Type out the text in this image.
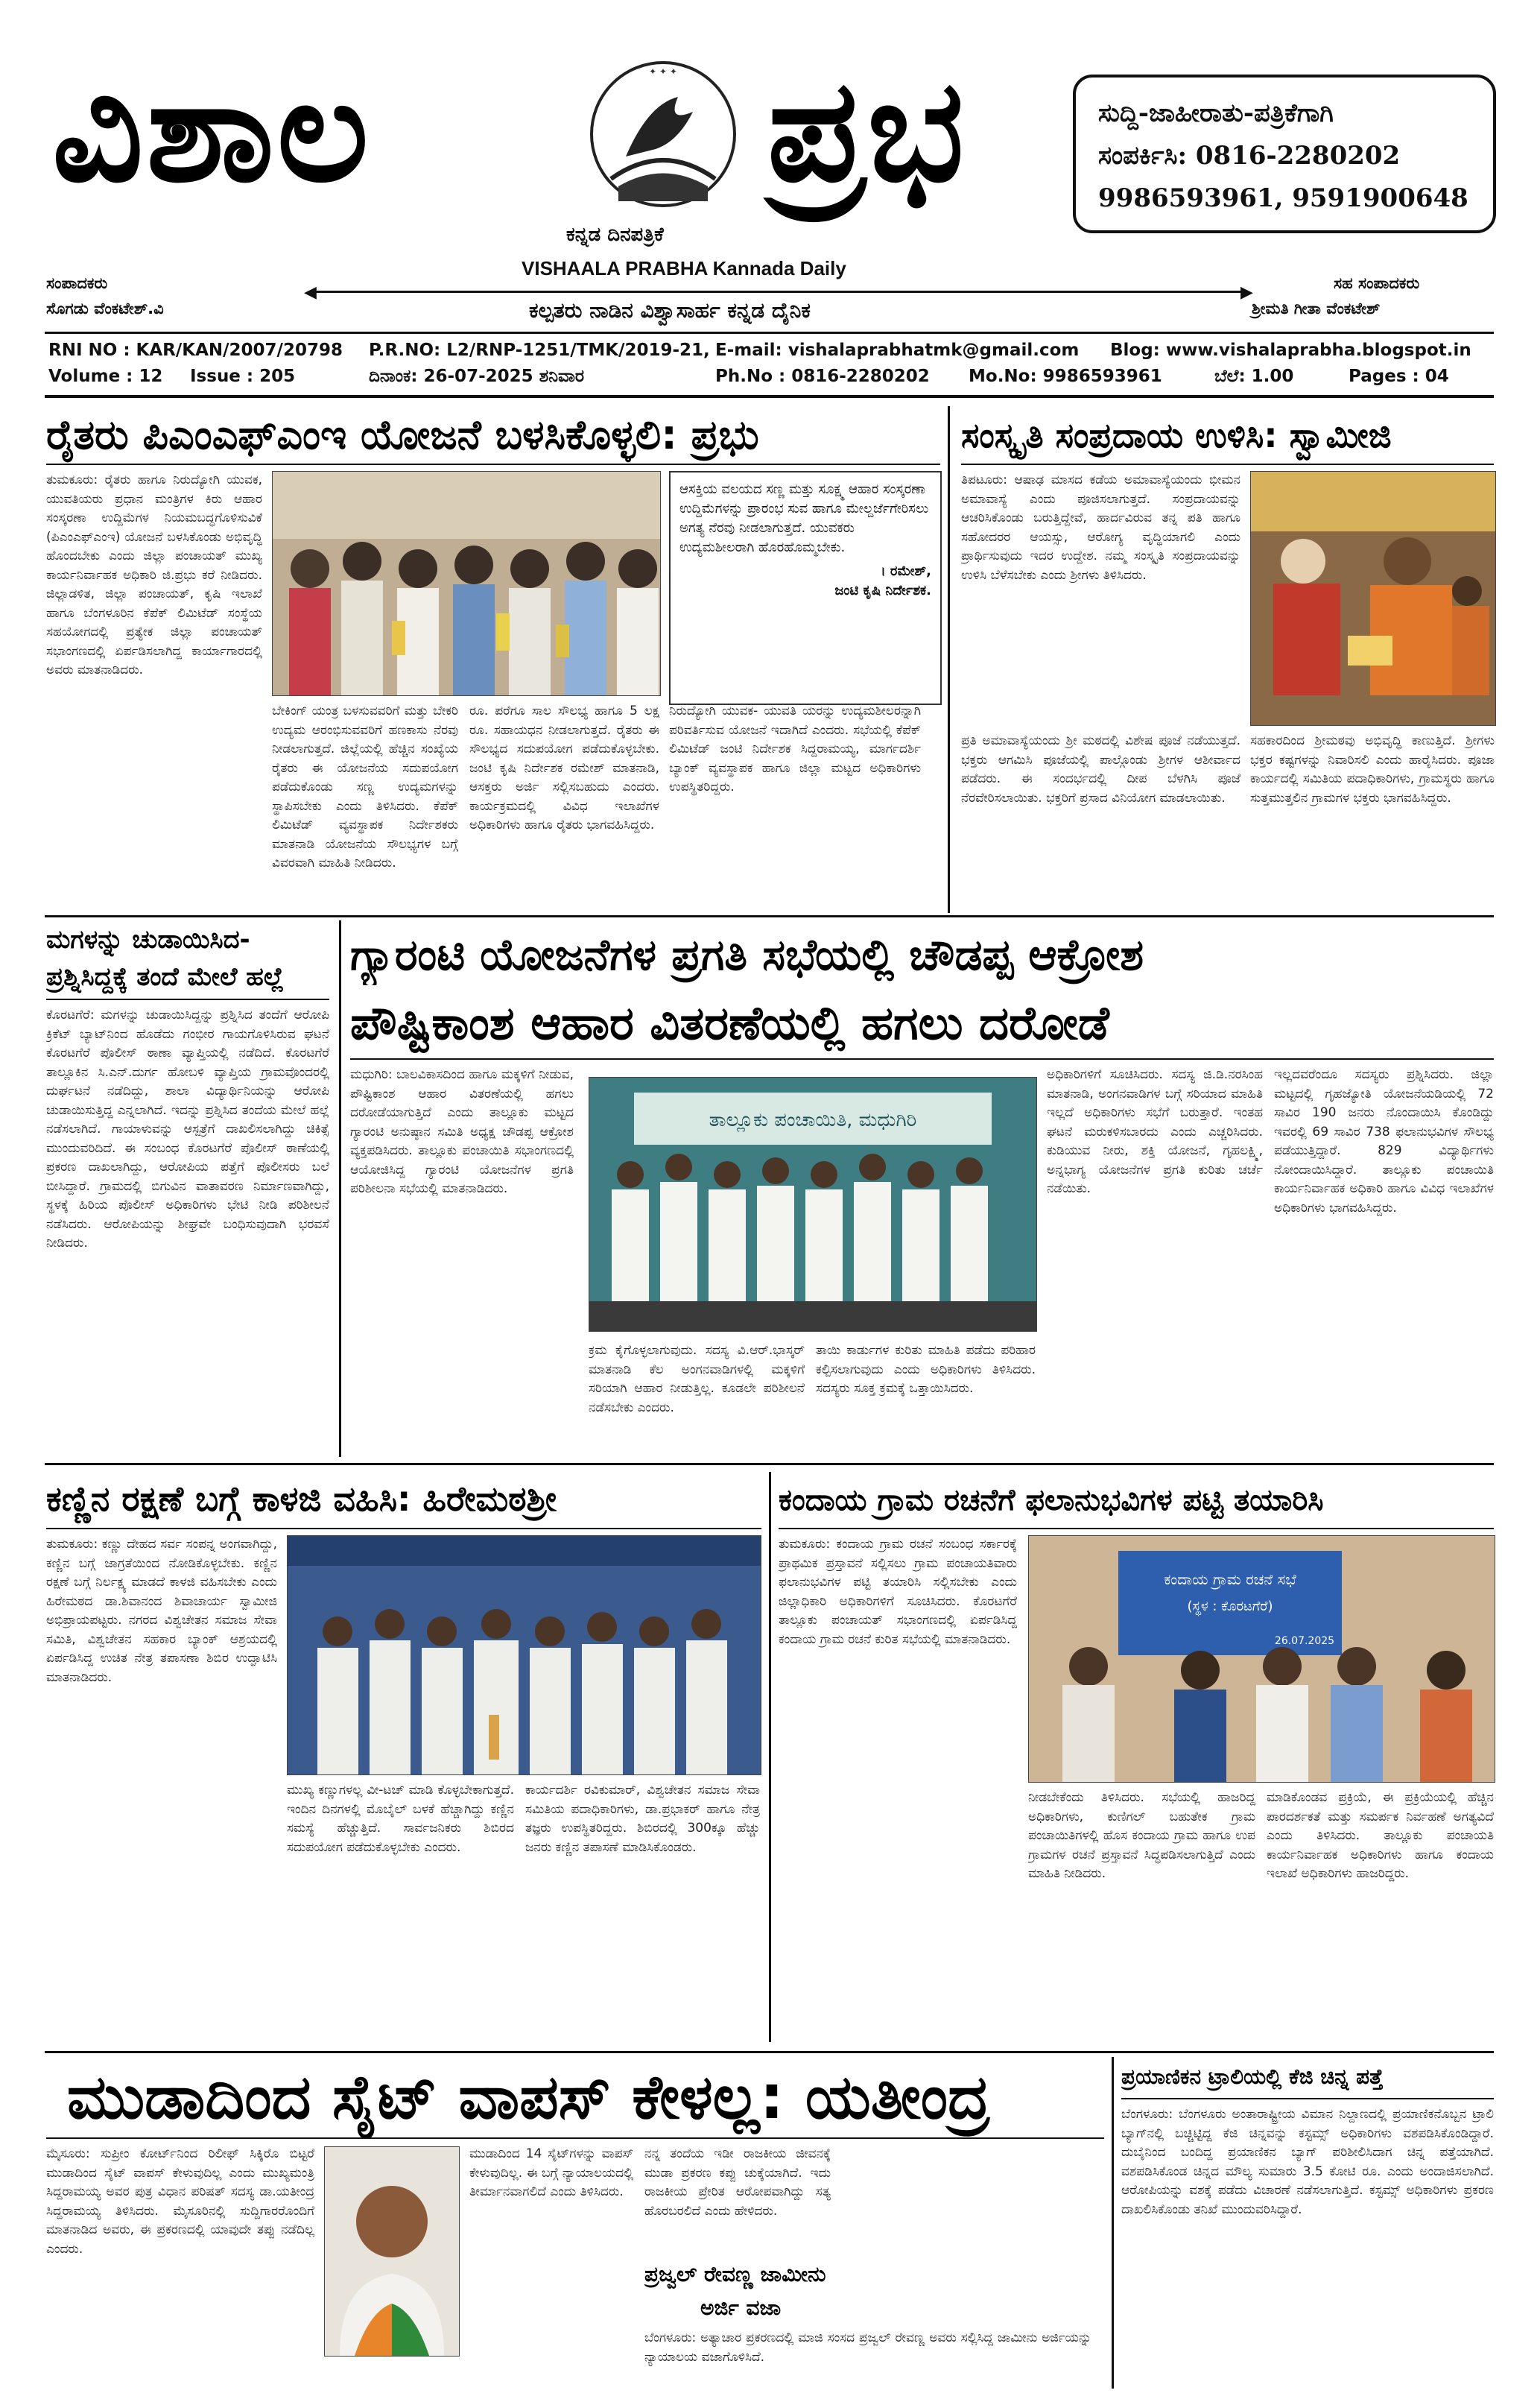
ವಿಶಾಲ	✦ ✦ ✦ ಪ್ರಭ
ಕನ್ನಡ ದಿನಪತ್ರಿಕೆ
VISHAALA PRABHA Kannada Daily
ಸುದ್ದಿ-ಜಾಹೀರಾತು-ಪತ್ರಿಕೆಗಾಗಿ
ಸಂಪರ್ಕಿಸಿ: 0816-2280202
9986593961, 9591900648
ಸಂಪಾದಕರು
ಸೊಗಡು ವೆಂಕಟೇಶ್.ವಿ
ಸಹ ಸಂಪಾದಕರು
ಶ್ರೀಮತಿ ಗೀತಾ ವೆಂಕಟೇಶ್
◀	▶
ಕಲ್ಪತರು ನಾಡಿನ ವಿಶ್ವಾಸಾರ್ಹ ಕನ್ನಡ ದೈನಿಕ
RNI NO : KAR/KAN/2007/20798 P.R.NO: L2/RNP-1251/TMK/2019-21, E-mail: vishalaprabhatmk@gmail.com Blog: www.vishalaprabha.blogspot.in
Volume : 12 Issue : 205	ದಿನಾಂಕ: 26-07-2025 ಶನಿವಾರ	Ph.No : 0816-2280202 Mo.No: 9986593961	ಬೆಲೆ: 1.00	Pages : 04
ರೈತರು ಪಿಎಂಎಫ್‌ಎಂಇ ಯೋಜನೆ ಬಳಸಿಕೊಳ್ಳಲಿ: ಪ್ರಭು
ತುಮಕೂರು: ರೈತರು ಹಾಗೂ ನಿರುದ್ಯೋಗಿ ಯುವಕ, ಯುವತಿಯರು ಪ್ರಧಾನ ಮಂತ್ರಿಗಳ ಕಿರು ಆಹಾರ ಸಂಸ್ಕರಣಾ ಉದ್ದಿಮೆಗಳ ನಿಯಮಬದ್ಧಗೊಳಿಸುವಿಕೆ (ಪಿಎಂಎಫ್‌ಎಂಇ) ಯೋಜನೆ ಬಳಸಿಕೊಂಡು ಅಭಿವೃದ್ಧಿ ಹೊಂದಬೇಕು ಎಂದು ಜಿಲ್ಲಾ ಪಂಚಾಯತ್ ಮುಖ್ಯ ಕಾರ್ಯನಿರ್ವಾಹಕ ಅಧಿಕಾರಿ ಜಿ.ಪ್ರಭು ಕರೆ ನೀಡಿದರು. ಜಿಲ್ಲಾಡಳಿತ, ಜಿಲ್ಲಾ ಪಂಚಾಯತ್, ಕೃಷಿ ಇಲಾಖೆ ಹಾಗೂ ಬೆಂಗಳೂರಿನ ಕೆಪೆಕ್ ಲಿಮಿಟೆಡ್ ಸಂಸ್ಥೆಯ ಸಹಯೋಗದಲ್ಲಿ ಪ್ರತ್ಯೇಕ ಜಿಲ್ಲಾ ಪಂಚಾಯತ್ ಸಭಾಂಗಣದಲ್ಲಿ ಏರ್ಪಡಿಸಲಾಗಿದ್ದ ಕಾರ್ಯಾಗಾರದಲ್ಲಿ ಅವರು ಮಾತನಾಡಿದರು.
ಆಸಕ್ತಿಯ ವಲಯದ ಸಣ್ಣ ಮತ್ತು ಸೂಕ್ಷ್ಮ ಆಹಾರ ಸಂಸ್ಕರಣಾ ಉದ್ದಿಮೆಗಳನ್ನು ಪ್ರಾರಂಭ ಸುವ ಹಾಗೂ ಮೇಲ್ದರ್ಜೆಗೇರಿಸಲು ಅಗತ್ಯ ನೆರವು ನೀಡಲಾಗುತ್ತದೆ. ಯುವಕರು ಉದ್ಯಮಶೀಲರಾಗಿ ಹೊರಹೊಮ್ಮಬೇಕು.
। ರಮೇಶ್,
ಜಂಟಿ ಕೃಷಿ ನಿರ್ದೇಶಕ.
ಬೇಕಿಂಗ್ ಯಂತ್ರ ಬಳಸುವವರಿಗೆ ಮತ್ತು ಬೇಕರಿ ಉದ್ಯಮ ಆರಂಭಿಸುವವರಿಗೆ ಹಣಕಾಸು ನೆರವು ನೀಡಲಾಗುತ್ತದೆ. ಜಿಲ್ಲೆಯಲ್ಲಿ ಹೆಚ್ಚಿನ ಸಂಖ್ಯೆಯ ರೈತರು ಈ ಯೋಜನೆಯ ಸದುಪಯೋಗ ಪಡೆದುಕೊಂಡು ಸಣ್ಣ ಉದ್ಯಮಗಳನ್ನು ಸ್ಥಾಪಿಸಬೇಕು ಎಂದು ತಿಳಿಸಿದರು. ಕೆಪೆಕ್ ಲಿಮಿಟೆಡ್ ವ್ಯವಸ್ಥಾಪಕ ನಿರ್ದೇಶಕರು ಮಾತನಾಡಿ ಯೋಜನೆಯ ಸೌಲಭ್ಯಗಳ ಬಗ್ಗೆ ವಿವರವಾಗಿ ಮಾಹಿತಿ ನೀಡಿದರು.
ರೂ. ಪರೆಗೂ ಸಾಲ ಸೌಲಭ್ಯ ಹಾಗೂ 5 ಲಕ್ಷ ರೂ. ಸಹಾಯಧನ ನೀಡಲಾಗುತ್ತದೆ. ರೈತರು ಈ ಸೌಲಭ್ಯದ ಸದುಪಯೋಗ ಪಡೆದುಕೊಳ್ಳಬೇಕು. ಜಂಟಿ ಕೃಷಿ ನಿರ್ದೇಶಕ ರಮೇಶ್ ಮಾತನಾಡಿ, ಆಸಕ್ತರು ಅರ್ಜಿ ಸಲ್ಲಿಸಬಹುದು ಎಂದರು. ಕಾರ್ಯಕ್ರಮದಲ್ಲಿ ವಿವಿಧ ಇಲಾಖೆಗಳ ಅಧಿಕಾರಿಗಳು ಹಾಗೂ ರೈತರು ಭಾಗವಹಿಸಿದ್ದರು.
ನಿರುದ್ಯೋಗಿ ಯುವಕ- ಯುವತಿ ಯರನ್ನು ಉದ್ಯಮಶೀಲರನ್ನಾಗಿ ಪರಿವರ್ತಿಸುವ ಯೋಜನೆ ಇದಾಗಿದೆ ಎಂದರು. ಸಭೆಯಲ್ಲಿ ಕೆಪೆಕ್ ಲಿಮಿಟೆಡ್ ಜಂಟಿ ನಿರ್ದೇಶಕ ಸಿದ್ದರಾಮಯ್ಯ, ಮಾರ್ಗದರ್ಶಿ ಬ್ಯಾಂಕ್ ವ್ಯವಸ್ಥಾಪಕ ಹಾಗೂ ಜಿಲ್ಲಾ ಮಟ್ಟದ ಅಧಿಕಾರಿಗಳು ಉಪಸ್ಥಿತರಿದ್ದರು.
ಸಂಸ್ಕೃತಿ ಸಂಪ್ರದಾಯ ಉಳಿಸಿ: ಸ್ವಾಮೀಜಿ
ತಿಪಟೂರು: ಆಷಾಢ ಮಾಸದ ಕಡೆಯ ಅಮಾವಾಸ್ಯೆಯಂದು ಭೀಮನ ಅಮಾವಾಸ್ಯೆ ಎಂದು ಪೂಜಿಸಲಾಗುತ್ತದೆ. ಸಂಪ್ರದಾಯವನ್ನು ಆಚರಿಸಿಕೊಂಡು ಬರುತ್ತಿದ್ದೇವೆ, ಹಾರ್ದವಿರುವ ತನ್ನ ಪತಿ ಹಾಗೂ ಸಹೋದರರ ಆಯಸ್ಸು, ಆರೋಗ್ಯ ವೃದ್ಧಿಯಾಗಲಿ ಎಂದು ಪ್ರಾರ್ಥಿಸುವುದು ಇದರ ಉದ್ದೇಶ. ನಮ್ಮ ಸಂಸ್ಕೃತಿ ಸಂಪ್ರದಾಯವನ್ನು ಉಳಿಸಿ ಬೆಳೆಸಬೇಕು ಎಂದು ಶ್ರೀಗಳು ತಿಳಿಸಿದರು.
ಪ್ರತಿ ಅಮಾವಾಸ್ಯೆಯಂದು ಶ್ರೀ ಮಠದಲ್ಲಿ ವಿಶೇಷ ಪೂಜೆ ನಡೆಯುತ್ತದೆ. ಭಕ್ತರು ಆಗಮಿಸಿ ಪೂಜೆಯಲ್ಲಿ ಪಾಲ್ಗೊಂಡು ಶ್ರೀಗಳ ಆಶೀರ್ವಾದ ಪಡೆದರು. ಈ ಸಂದರ್ಭದಲ್ಲಿ ದೀಪ ಬೆಳಗಿಸಿ ಪೂಜೆ ನೆರವೇರಿಸಲಾಯಿತು. ಭಕ್ತರಿಗೆ ಪ್ರಸಾದ ವಿನಿಯೋಗ ಮಾಡಲಾಯಿತು.
ಸಹಕಾರದಿಂದ ಶ್ರೀಮಠವು ಅಭಿವೃದ್ಧಿ ಕಾಣುತ್ತಿದೆ. ಶ್ರೀಗಳು ಭಕ್ತರ ಕಷ್ಟಗಳನ್ನು ನಿವಾರಿಸಲಿ ಎಂದು ಹಾರೈಸಿದರು. ಪೂಜಾ ಕಾರ್ಯದಲ್ಲಿ ಸಮಿತಿಯ ಪದಾಧಿಕಾರಿಗಳು, ಗ್ರಾಮಸ್ಥರು ಹಾಗೂ ಸುತ್ತಮುತ್ತಲಿನ ಗ್ರಾಮಗಳ ಭಕ್ತರು ಭಾಗವಹಿಸಿದ್ದರು.
ಮಗಳನ್ನು ಚುಡಾಯಿಸಿದ-
ಪ್ರಶ್ನಿಸಿದ್ದಕ್ಕೆ ತಂದೆ ಮೇಲೆ ಹಲ್ಲೆ
ಕೊರಟಗೆರೆ: ಮಗಳನ್ನು ಚುಡಾಯಿಸಿದ್ದನ್ನು ಪ್ರಶ್ನಿಸಿದ ತಂದೆಗೆ ಆರೋಪಿ ಕ್ರಿಕೆಟ್ ಬ್ಯಾಟ್‌ನಿಂದ ಹೊಡೆದು ಗಂಭೀರ ಗಾಯಗೊಳಿಸಿರುವ ಘಟನೆ ಕೊರಟಗೆರೆ ಪೊಲೀಸ್ ಠಾಣಾ ವ್ಯಾಪ್ತಿಯಲ್ಲಿ ನಡೆದಿದೆ. ಕೊರಟಗೆರೆ ತಾಲ್ಲೂಕಿನ ಸಿ.ಎನ್.ದುರ್ಗ ಹೋಬಳಿ ವ್ಯಾಪ್ತಿಯ ಗ್ರಾಮವೊಂದರಲ್ಲಿ ದುರ್ಘಟನೆ ನಡೆದಿದ್ದು, ಶಾಲಾ ವಿದ್ಯಾರ್ಥಿನಿಯನ್ನು ಆರೋಪಿ ಚುಡಾಯಿಸುತ್ತಿದ್ದ ಎನ್ನಲಾಗಿದೆ. ಇದನ್ನು ಪ್ರಶ್ನಿಸಿದ ತಂದೆಯ ಮೇಲೆ ಹಲ್ಲೆ ನಡೆಸಲಾಗಿದೆ. ಗಾಯಾಳುವನ್ನು ಆಸ್ಪತ್ರೆಗೆ ದಾಖಲಿಸಲಾಗಿದ್ದು ಚಿಕಿತ್ಸೆ ಮುಂದುವರಿದಿದೆ. ಈ ಸಂಬಂಧ ಕೊರಟಗೆರೆ ಪೊಲೀಸ್ ಠಾಣೆಯಲ್ಲಿ ಪ್ರಕರಣ ದಾಖಲಾಗಿದ್ದು, ಆರೋಪಿಯ ಪತ್ತೆಗೆ ಪೊಲೀಸರು ಬಲೆ ಬೀಸಿದ್ದಾರೆ. ಗ್ರಾಮದಲ್ಲಿ ಬಿಗುವಿನ ವಾತಾವರಣ ನಿರ್ಮಾಣವಾಗಿದ್ದು, ಸ್ಥಳಕ್ಕೆ ಹಿರಿಯ ಪೊಲೀಸ್ ಅಧಿಕಾರಿಗಳು ಭೇಟಿ ನೀಡಿ ಪರಿಶೀಲನೆ ನಡೆಸಿದರು. ಆರೋಪಿಯನ್ನು ಶೀಘ್ರವೇ ಬಂಧಿಸುವುದಾಗಿ ಭರವಸೆ ನೀಡಿದರು.
ಗ್ಯಾರಂಟಿ ಯೋಜನೆಗಳ ಪ್ರಗತಿ ಸಭೆಯಲ್ಲಿ ಚೌಡಪ್ಪ ಆಕ್ರೋಶ
ಪೌಷ್ಟಿಕಾಂಶ ಆಹಾರ ವಿತರಣೆಯಲ್ಲಿ ಹಗಲು ದರೋಡೆ
ಮಧುಗಿರಿ: ಬಾಲವಿಕಾಸದಿಂದ ಹಾಗೂ ಮಕ್ಕಳಿಗೆ ನೀಡುವ, ಪೌಷ್ಟಿಕಾಂಶ ಆಹಾರ ವಿತರಣೆಯಲ್ಲಿ ಹಗಲು ದರೋಡೆಯಾಗುತ್ತಿದೆ ಎಂದು ತಾಲ್ಲೂಕು ಮಟ್ಟದ ಗ್ಯಾರಂಟಿ ಅನುಷ್ಠಾನ ಸಮಿತಿ ಅಧ್ಯಕ್ಷ ಚೌಡಪ್ಪ ಆಕ್ರೋಶ ವ್ಯಕ್ತಪಡಿಸಿದರು. ತಾಲ್ಲೂಕು ಪಂಚಾಯಿತಿ ಸಭಾಂಗಣದಲ್ಲಿ ಆಯೋಜಿಸಿದ್ದ ಗ್ಯಾರಂಟಿ ಯೋಜನೆಗಳ ಪ್ರಗತಿ ಪರಿಶೀಲನಾ ಸಭೆಯಲ್ಲಿ ಮಾತನಾಡಿದರು.
ತಾಲ್ಲೂಕು ಪಂಚಾಯಿತಿ, ಮಧುಗಿರಿ
ಅಧಿಕಾರಿಗಳಿಗೆ ಸೂಚಿಸಿದರು. ಸದಸ್ಯ ಜಿ.ಡಿ.ನರಸಿಂಹ ಮಾತನಾಡಿ, ಅಂಗನವಾಡಿಗಳ ಬಗ್ಗೆ ಸರಿಯಾದ ಮಾಹಿತಿ ಇಲ್ಲದೆ ಅಧಿಕಾರಿಗಳು ಸಭೆಗೆ ಬರುತ್ತಾರೆ. ಇಂತಹ ಘಟನೆ ಮರುಕಳಿಸಬಾರದು ಎಂದು ಎಚ್ಚರಿಸಿದರು. ಕುಡಿಯುವ ನೀರು, ಶಕ್ತಿ ಯೋಜನೆ, ಗೃಹಲಕ್ಷ್ಮಿ, ಅನ್ನಭಾಗ್ಯ ಯೋಜನೆಗಳ ಪ್ರಗತಿ ಕುರಿತು ಚರ್ಚೆ ನಡೆಯಿತು.
ಇಲ್ಲದವರೆಂದೂ ಸದಸ್ಯರು ಪ್ರಶ್ನಿಸಿದರು. ಜಿಲ್ಲಾ ಮಟ್ಟದಲ್ಲಿ ಗೃಹಜ್ಯೋತಿ ಯೋಜನೆಯಡಿಯಲ್ಲಿ 72 ಸಾವಿರ 190 ಜನರು ನೊಂದಾಯಿಸಿ ಕೊಂಡಿದ್ದು ಇವರಲ್ಲಿ 69 ಸಾವಿರ 738 ಫಲಾನುಭವಿಗಳ ಸೌಲಭ್ಯ ಪಡೆಯುತ್ತಿದ್ದಾರೆ. 829 ವಿದ್ಯಾರ್ಥಿಗಳು ನೋಂದಾಯಿಸಿದ್ದಾರೆ. ತಾಲ್ಲೂಕು ಪಂಚಾಯಿತಿ ಕಾರ್ಯನಿರ್ವಾಹಕ ಅಧಿಕಾರಿ ಹಾಗೂ ವಿವಿಧ ಇಲಾಖೆಗಳ ಅಧಿಕಾರಿಗಳು ಭಾಗವಹಿಸಿದ್ದರು.
ಕ್ರಮ ಕೈಗೊಳ್ಳಲಾಗುವುದು. ಸದಸ್ಯ ವಿ.ಆರ್.ಭಾಸ್ಕರ್ ಮಾತನಾಡಿ ಕೆಲ ಅಂಗನವಾಡಿಗಳಲ್ಲಿ ಮಕ್ಕಳಿಗೆ ಸರಿಯಾಗಿ ಆಹಾರ ನೀಡುತ್ತಿಲ್ಲ. ಕೂಡಲೇ ಪರಿಶೀಲನೆ ನಡೆಸಬೇಕು ಎಂದರು.
ತಾಯಿ ಕಾರ್ಡುಗಳ ಕುರಿತು ಮಾಹಿತಿ ಪಡೆದು ಪರಿಹಾರ ಕಲ್ಪಿಸಲಾಗುವುದು ಎಂದು ಅಧಿಕಾರಿಗಳು ತಿಳಿಸಿದರು. ಸದಸ್ಯರು ಸೂಕ್ತ ಕ್ರಮಕ್ಕೆ ಒತ್ತಾಯಿಸಿದರು.
ಕಣ್ಣಿನ ರಕ್ಷಣೆ ಬಗ್ಗೆ ಕಾಳಜಿ ವಹಿಸಿ: ಹಿರೇಮಠಶ್ರೀ
ತುಮಕೂರು: ಕಣ್ಣು ದೇಹದ ಸರ್ವ ಸಂಪನ್ನ ಅಂಗವಾಗಿದ್ದು, ಕಣ್ಣಿನ ಬಗ್ಗೆ ಜಾಗ್ರತೆಯಿಂದ ನೋಡಿಕೊಳ್ಳಬೇಕು. ಕಣ್ಣಿನ ರಕ್ಷಣೆ ಬಗ್ಗೆ ನಿರ್ಲಕ್ಷ್ಯ ಮಾಡದೆ ಕಾಳಜಿ ವಹಿಸಬೇಕು ಎಂದು ಹಿರೇಮಠದ ಡಾ.ಶಿವಾನಂದ ಶಿವಾಚಾರ್ಯ ಸ್ವಾಮೀಜಿ ಅಭಿಪ್ರಾಯಪಟ್ಟರು. ನಗರದ ವಿಶ್ವಚೇತನ ಸಮಾಜ ಸೇವಾ ಸಮಿತಿ, ವಿಶ್ವಚೇತನ ಸಹಕಾರ ಬ್ಯಾಂಕ್ ಆಶ್ರಯದಲ್ಲಿ ಏರ್ಪಡಿಸಿದ್ದ ಉಚಿತ ನೇತ್ರ ತಪಾಸಣಾ ಶಿಬಿರ ಉದ್ಘಾಟಿಸಿ ಮಾತನಾಡಿದರು.
ಮುಖ್ಯ ಕಣ್ಣುಗಳಲ್ಲ ವೀ-ಟಚ್ ಮಾಡಿ ಕೊಳ್ಳಬೇಕಾಗುತ್ತದೆ. ಇಂದಿನ ದಿನಗಳಲ್ಲಿ ಮೊಬೈಲ್ ಬಳಕೆ ಹೆಚ್ಚಾಗಿದ್ದು ಕಣ್ಣಿನ ಸಮಸ್ಯೆ ಹೆಚ್ಚುತ್ತಿದೆ. ಸಾರ್ವಜನಿಕರು ಶಿಬಿರದ ಸದುಪಯೋಗ ಪಡೆದುಕೊಳ್ಳಬೇಕು ಎಂದರು.
ಕಾರ್ಯದರ್ಶಿ ರವಿಕುಮಾರ್, ವಿಶ್ವಚೇತನ ಸಮಾಜ ಸೇವಾ ಸಮಿತಿಯ ಪದಾಧಿಕಾರಿಗಳು, ಡಾ.ಪ್ರಭಾಕರ್ ಹಾಗೂ ನೇತ್ರ ತಜ್ಞರು ಉಪಸ್ಥಿತರಿದ್ದರು. ಶಿಬಿರದಲ್ಲಿ 300ಕ್ಕೂ ಹೆಚ್ಚು ಜನರು ಕಣ್ಣಿನ ತಪಾಸಣೆ ಮಾಡಿಸಿಕೊಂಡರು.
ಕಂದಾಯ ಗ್ರಾಮ ರಚನೆಗೆ ಫಲಾನುಭವಿಗಳ ಪಟ್ಟಿ ತಯಾರಿಸಿ
ತುಮಕೂರು: ಕಂದಾಯ ಗ್ರಾಮ ರಚನೆ ಸಂಬಂಧ ಸರ್ಕಾರಕ್ಕೆ ಪ್ರಾಥಮಿಕ ಪ್ರಸ್ತಾವನೆ ಸಲ್ಲಿಸಲು ಗ್ರಾಮ ಪಂಚಾಯತಿವಾರು ಫಲಾನುಭವಿಗಳ ಪಟ್ಟಿ ತಯಾರಿಸಿ ಸಲ್ಲಿಸಬೇಕು ಎಂದು ಜಿಲ್ಲಾಧಿಕಾರಿ ಅಧಿಕಾರಿಗಳಿಗೆ ಸೂಚಿಸಿದರು. ಕೊರಟಗೆರೆ ತಾಲ್ಲೂಕು ಪಂಚಾಯತ್ ಸಭಾಂಗಣದಲ್ಲಿ ಏರ್ಪಡಿಸಿದ್ದ ಕಂದಾಯ ಗ್ರಾಮ ರಚನೆ ಕುರಿತ ಸಭೆಯಲ್ಲಿ ಮಾತನಾಡಿದರು.
ಕಂದಾಯ ಗ್ರಾಮ ರಚನೆ ಸಭೆ
(ಸ್ಥಳ : ಕೊರಟಗೆರೆ)
26.07.2025
ನೀಡಬೇಕೆಂದು ತಿಳಿಸಿದರು. ಸಭೆಯಲ್ಲಿ ಹಾಜರಿದ್ದ ಅಧಿಕಾರಿಗಳು, ಕುಣಿಗಲ್ ಬಹುತೇಕ ಗ್ರಾಮ ಪಂಚಾಯಿತಿಗಳಲ್ಲಿ ಹೊಸ ಕಂದಾಯ ಗ್ರಾಮ ಹಾಗೂ ಉಪ ಗ್ರಾಮಗಳ ರಚನೆ ಪ್ರಸ್ತಾವನೆ ಸಿದ್ಧಪಡಿಸಲಾಗುತ್ತಿದೆ ಎಂದು ಮಾಹಿತಿ ನೀಡಿದರು.
ಮಾಡಿಕೊಂಡವ ಪ್ರಕ್ರಿಯೆ, ಈ ಪ್ರಕ್ರಿಯೆಯಲ್ಲಿ ಹೆಚ್ಚಿನ ಪಾರದರ್ಶಕತೆ ಮತ್ತು ಸಮರ್ಪಕ ನಿರ್ವಹಣೆ ಅಗತ್ಯವಿದೆ ಎಂದು ತಿಳಿಸಿದರು. ತಾಲ್ಲೂಕು ಪಂಚಾಯತಿ ಕಾರ್ಯನಿರ್ವಾಹಕ ಅಧಿಕಾರಿಗಳು ಹಾಗೂ ಕಂದಾಯ ಇಲಾಖೆ ಅಧಿಕಾರಿಗಳು ಹಾಜರಿದ್ದರು.
ಮುಡಾದಿಂದ ಸೈಟ್ ವಾಪಸ್ ಕೇಳಲ್ಲ: ಯತೀಂದ್ರ
ಮೈಸೂರು: ಸುಪ್ರೀಂ ಕೋರ್ಟ್‌ನಿಂದ ರಿಲೀಫ್ ಸಿಕ್ಕಿರೊ ಬಿಟ್ಟರೆ ಮುಡಾದಿಂದ ಸೈಟ್ ವಾಪಸ್ ಕೇಳುವುದಿಲ್ಲ ಎಂದು ಮುಖ್ಯಮಂತ್ರಿ ಸಿದ್ದರಾಮಯ್ಯ ಅವರ ಪುತ್ರ ವಿಧಾನ ಪರಿಷತ್ ಸದಸ್ಯ ಡಾ.ಯತೀಂದ್ರ ಸಿದ್ದರಾಮಯ್ಯ ತಿಳಿಸಿದರು. ಮೈಸೂರಿನಲ್ಲಿ ಸುದ್ದಿಗಾರರೊಂದಿಗೆ ಮಾತನಾಡಿದ ಅವರು, ಈ ಪ್ರಕರಣದಲ್ಲಿ ಯಾವುದೇ ತಪ್ಪು ನಡೆದಿಲ್ಲ ಎಂದರು.
ಮುಡಾದಿಂದ 14 ಸೈಟ್‌ಗಳನ್ನು ವಾಪಸ್ ಕೇಳುವುದಿಲ್ಲ. ಈ ಬಗ್ಗೆ ನ್ಯಾಯಾಲಯದಲ್ಲಿ ತೀರ್ಮಾನವಾಗಲಿದೆ ಎಂದು ತಿಳಿಸಿದರು.
ನನ್ನ ತಂದೆಯ ಇಡೀ ರಾಜಕೀಯ ಜೀವನಕ್ಕೆ ಮುಡಾ ಪ್ರಕರಣ ಕಪ್ಪು ಚುಕ್ಕೆಯಾಗಿದೆ. ಇದು ರಾಜಕೀಯ ಪ್ರೇರಿತ ಆರೋಪವಾಗಿದ್ದು ಸತ್ಯ ಹೊರಬರಲಿದೆ ಎಂದು ಹೇಳಿದರು.
ಪ್ರಜ್ವಲ್ ರೇವಣ್ಣ ಜಾಮೀನು
ಅರ್ಜಿ ವಜಾ
ಬೆಂಗಳೂರು: ಅತ್ಯಾಚಾರ ಪ್ರಕರಣದಲ್ಲಿ ಮಾಜಿ ಸಂಸದ ಪ್ರಜ್ವಲ್ ರೇವಣ್ಣ ಅವರು ಸಲ್ಲಿಸಿದ್ದ ಜಾಮೀನು ಅರ್ಜಿಯನ್ನು ನ್ಯಾಯಾಲಯ ವಜಾಗೊಳಿಸಿದೆ.
ಪ್ರಯಾಣಿಕನ ಟ್ರಾಲಿಯಲ್ಲಿ ಕೆಜಿ ಚಿನ್ನ ಪತ್ತೆ
ಬೆಂಗಳೂರು: ಬೆಂಗಳೂರು ಅಂತಾರಾಷ್ಟ್ರೀಯ ವಿಮಾನ ನಿಲ್ದಾಣದಲ್ಲಿ ಪ್ರಯಾಣಿಕನೊಬ್ಬನ ಟ್ರಾಲಿ ಬ್ಯಾಗ್‌ನಲ್ಲಿ ಬಚ್ಚಿಟ್ಟಿದ್ದ ಕೆಜಿ ಚಿನ್ನವನ್ನು ಕಸ್ಟಮ್ಸ್ ಅಧಿಕಾರಿಗಳು ವಶಪಡಿಸಿಕೊಂಡಿದ್ದಾರೆ. ದುಬೈನಿಂದ ಬಂದಿದ್ದ ಪ್ರಯಾಣಿಕನ ಬ್ಯಾಗ್ ಪರಿಶೀಲಿಸಿದಾಗ ಚಿನ್ನ ಪತ್ತೆಯಾಗಿದೆ. ವಶಪಡಿಸಿಕೊಂಡ ಚಿನ್ನದ ಮೌಲ್ಯ ಸುಮಾರು 3.5 ಕೋಟಿ ರೂ. ಎಂದು ಅಂದಾಜಿಸಲಾಗಿದೆ. ಆರೋಪಿಯನ್ನು ವಶಕ್ಕೆ ಪಡೆದು ವಿಚಾರಣೆ ನಡೆಸಲಾಗುತ್ತಿದೆ. ಕಸ್ಟಮ್ಸ್ ಅಧಿಕಾರಿಗಳು ಪ್ರಕರಣ ದಾಖಲಿಸಿಕೊಂಡು ತನಿಖೆ ಮುಂದುವರಿಸಿದ್ದಾರೆ.
